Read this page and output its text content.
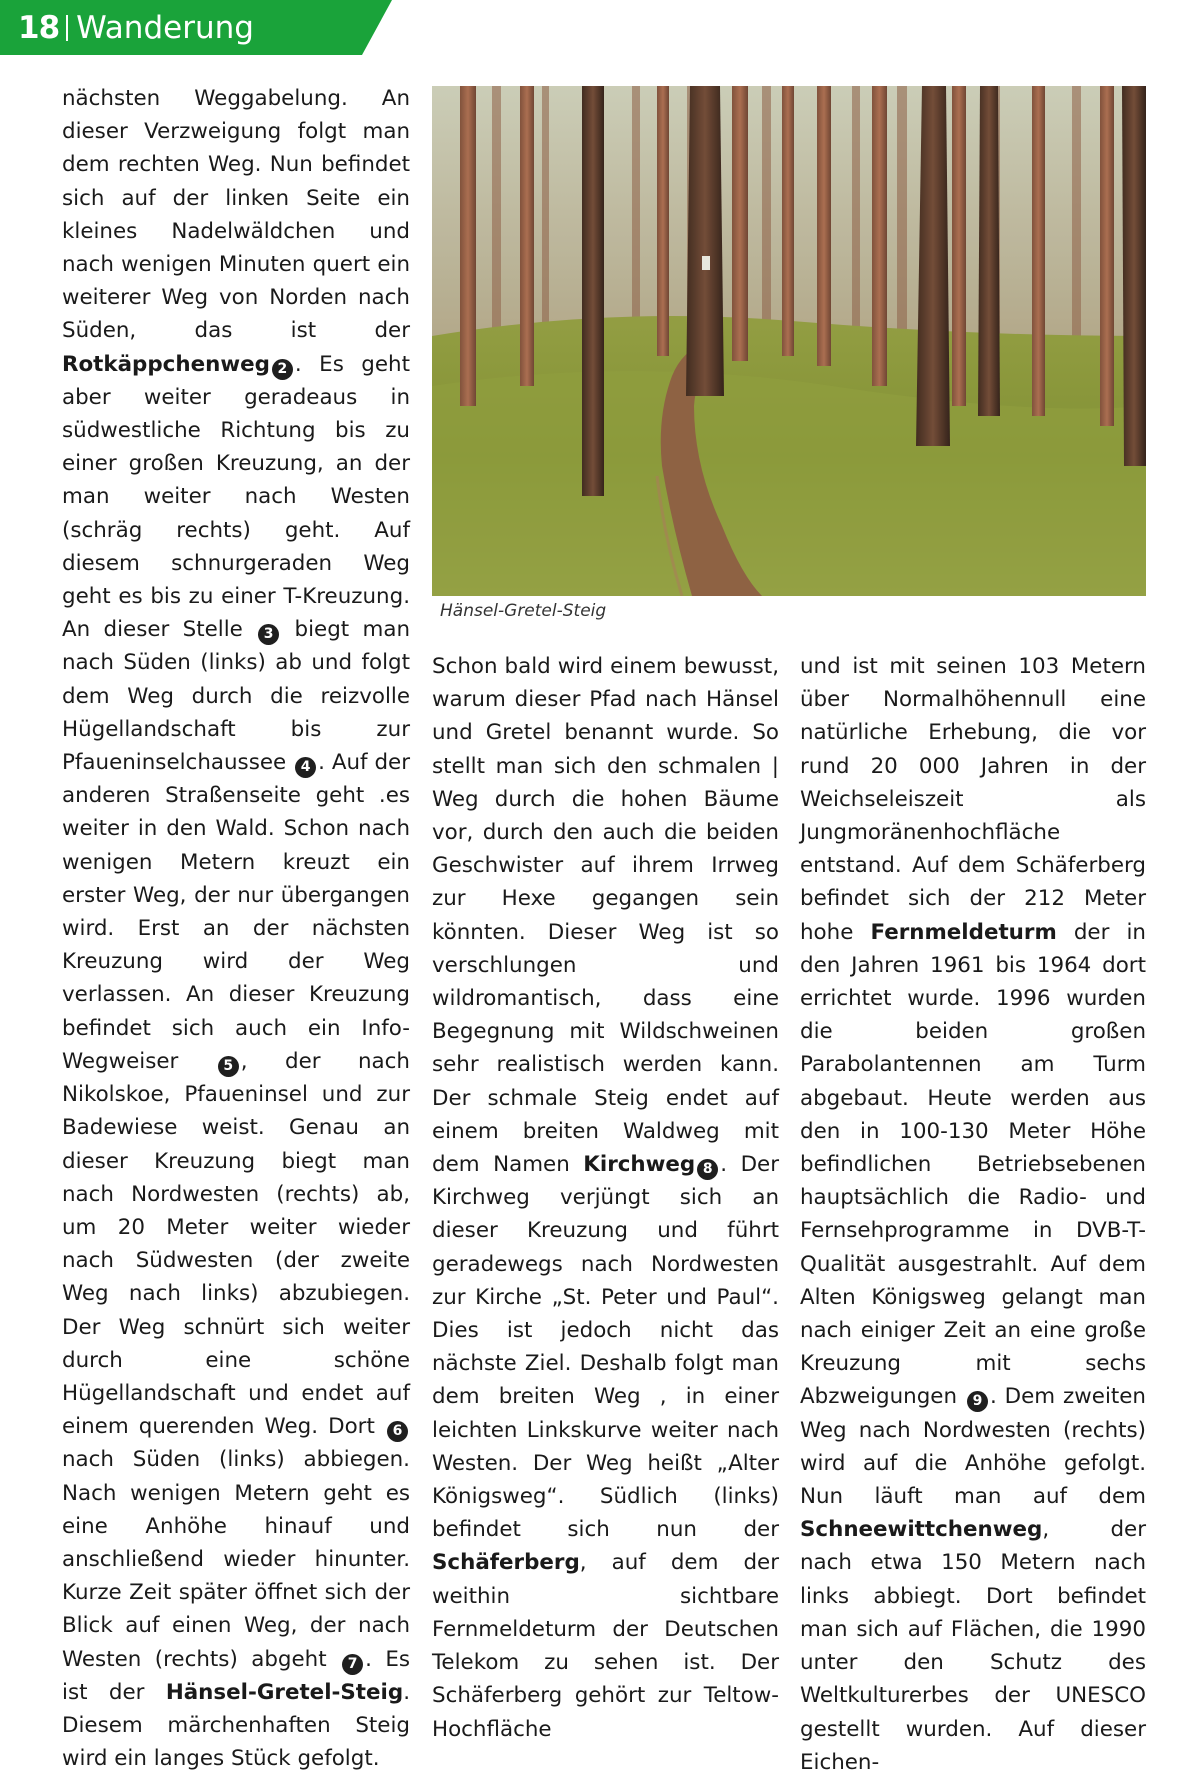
18 Wanderung

nächsten Weggabelung. An dieser Verzweigung folgt man dem rechten Weg. Nun befindet sich auf der linken Seite ein kleines Nadelwäldchen und nach wenigen Minuten quert ein weiterer Weg von Norden nach Süden, das ist der Rotkäppchenweg 2 . Es geht aber weiter geradeaus in südwestliche Richtung bis zu einer großen Kreuzung, an der man weiter nach Westen (schräg rechts) geht. Auf diesem schnurgeraden Weg geht es bis zu einer T-Kreuzung. An dieser Stelle 3 biegt man nach Süden (links) ab und folgt dem Weg durch die reizvolle Hügellandschaft bis zur Pfaueninselchaussee 4 . Auf der anderen Straßenseite geht .es weiter in den Wald. Schon nach wenigen Metern kreuzt ein erster Weg, der nur übergangen wird. Erst an der nächsten Kreuzung wird der Weg verlassen. An dieser Kreuzung befindet sich auch ein Info-Wegweiser 5 , der nach Nikolskoe, Pfaueninsel und zur Badewiese weist. Genau an dieser Kreuzung biegt man nach Nordwesten (rechts) ab, um 20 Meter weiter wieder nach Südwesten (der zweite Weg nach links) abzubiegen. Der Weg schnürt sich weiter durch eine schöne Hügellandschaft und endet auf einem querenden Weg. Dort 6 nach Süden (links) abbiegen. Nach wenigen Metern geht es eine Anhöhe hinauf und anschließend wieder hinunter. Kurze Zeit später öffnet sich der Blick auf einen Weg, der nach Westen (rechts) abgeht 7 . Es ist der Hänsel-Gretel-Steig. Diesem märchenhaften Steig wird ein langes Stück gefolgt.

Hänsel-Gretel-Steig

Schon bald wird einem bewusst, warum dieser Pfad nach Hänsel und Gretel benannt wurde. So stellt man sich den schmalen | Weg durch die hohen Bäume vor, durch den auch die beiden Geschwister auf ihrem Irrweg zur Hexe gegangen sein könnten. Dieser Weg ist so verschlungen und wildromantisch, dass eine Begegnung mit Wildschweinen sehr realistisch werden kann. Der schmale Steig endet auf einem breiten Waldweg mit dem Namen Kirchweg 8 . Der Kirchweg verjüngt sich an dieser Kreuzung und führt geradewegs nach Nordwesten zur Kirche „St. Peter und Paul“. Dies ist jedoch nicht das nächste Ziel. Deshalb folgt man dem breiten Weg , in einer leichten Linkskurve weiter nach Westen. Der Weg heißt „Alter Königsweg“. Südlich (links) befindet sich nun der Schäferberg, auf dem der weithin sichtbare Fernmeldeturm der Deutschen Telekom zu sehen ist. Der Schäferberg gehört zur Teltow-Hochfläche

und ist mit seinen 103 Metern über Normalhöhennull eine natürliche Erhebung, die vor rund 20 000 Jahren in der Weichseleiszeit als Jungmoränenhochfläche entstand. Auf dem Schäferberg befindet sich der 212 Meter hohe Fernmeldeturm der in den Jahren 1961 bis 1964 dort errichtet wurde. 1996 wurden die beiden großen Parabolantennen am Turm abgebaut. Heute werden aus den in 100-130 Meter Höhe befindlichen Betriebsebenen hauptsächlich die Radio- und Fernsehprogramme in DVB-T-Qualität ausgestrahlt. Auf dem Alten Königsweg gelangt man nach einiger Zeit an eine große Kreuzung mit sechs Abzweigungen 9 . Dem zweiten Weg nach Nordwesten (rechts) wird auf die Anhöhe gefolgt. Nun läuft man auf dem Schneewittchenweg, der nach etwa 150 Metern nach links abbiegt. Dort befindet man sich auf Flächen, die 1990 unter den Schutz des Weltkulturerbes der UNESCO gestellt wurden. Auf dieser Eichen-
